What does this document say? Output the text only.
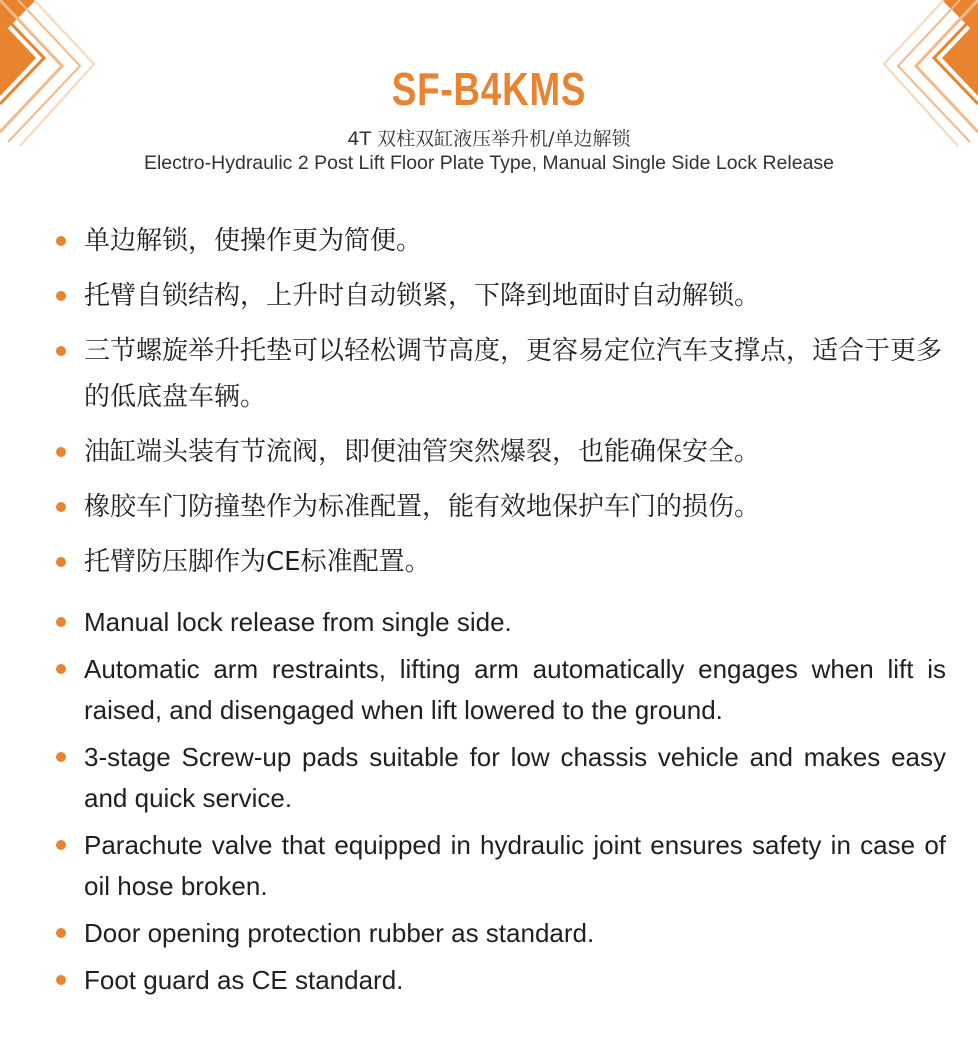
SF-B4KMS
4T 双柱双缸液压举升机/单边解锁
Electro-Hydraulic 2 Post Lift Floor Plate Type, Manual Single Side Lock Release
单边解锁，使操作更为简便。
托臂自锁结构，上升时自动锁紧，下降到地面时自动解锁。
三节螺旋举升托垫可以轻松调节高度，更容易定位汽车支撑点，适合于更多的低底盘车辆。
油缸端头装有节流阀，即便油管突然爆裂，也能确保安全。
橡胶车门防撞垫作为标准配置，能有效地保护车门的损伤。
托臂防压脚作为CE标准配置。
Manual lock release from single side.
Automatic arm restraints, lifting arm automatically engages when lift is raised, and disengaged when lift lowered to the ground.
3-stage Screw-up pads suitable for low chassis vehicle and makes easy and quick service.
Parachute valve that equipped in hydraulic joint ensures safety in case of oil hose broken.
Door opening protection rubber as standard.
Foot guard as CE standard.
